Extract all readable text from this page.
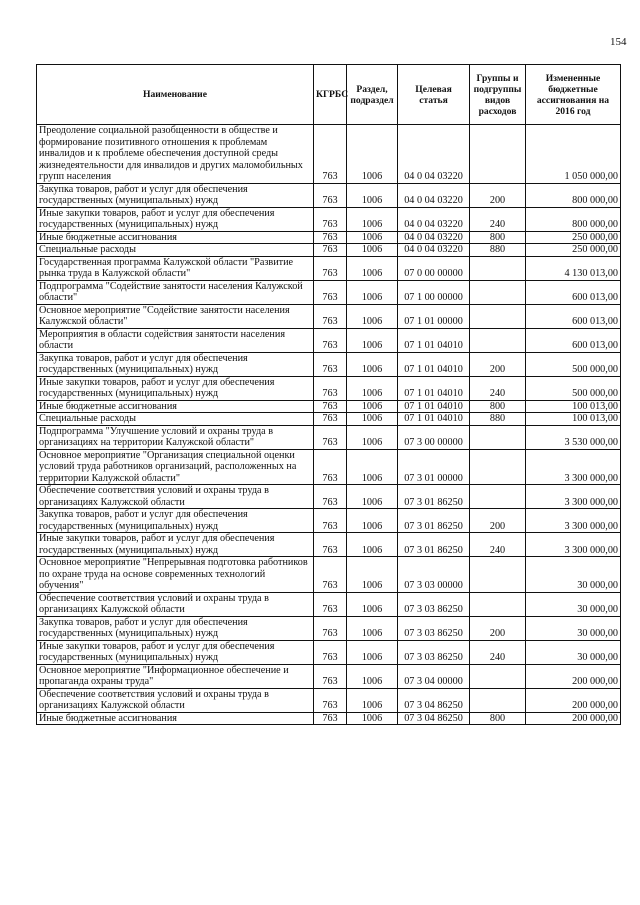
154
Наименование	КГРБС	Раздел, подраздел	Целевая статья	Группы и подгруппы видов расходов	Измененные бюджетные ассигнования на 2016 год
Преодоление социальной разобщенности в обществе и формирование позитивного отношения к проблемам инвалидов и к проблеме обеспечения доступной среды жизнедеятельности для инвалидов и других маломобильных групп населения	763	1006	04 0 04 03220		1 050 000,00
Закупка товаров, работ и услуг для обеспечения государственных (муниципальных) нужд	763	1006	04 0 04 03220	200	800 000,00
Иные закупки товаров, работ и услуг для обеспечения государственных (муниципальных) нужд	763	1006	04 0 04 03220	240	800 000,00
Иные бюджетные ассигнования	763	1006	04 0 04 03220	800	250 000,00
Специальные расходы	763	1006	04 0 04 03220	880	250 000,00
Государственная программа Калужской области "Развитие рынка труда в Калужской области"	763	1006	07 0 00 00000		4 130 013,00
Подпрограмма "Содействие занятости населения Калужской области"	763	1006	07 1 00 00000		600 013,00
Основное мероприятие "Содействие занятости населения Калужской области"	763	1006	07 1 01 00000		600 013,00
Мероприятия в области содействия занятости населения области	763	1006	07 1 01 04010		600 013,00
Закупка товаров, работ и услуг для обеспечения государственных (муниципальных) нужд	763	1006	07 1 01 04010	200	500 000,00
Иные закупки товаров, работ и услуг для обеспечения государственных (муниципальных) нужд	763	1006	07 1 01 04010	240	500 000,00
Иные бюджетные ассигнования	763	1006	07 1 01 04010	800	100 013,00
Специальные расходы	763	1006	07 1 01 04010	880	100 013,00
Подпрограмма "Улучшение условий и охраны труда в организациях на территории Калужской области"	763	1006	07 3 00 00000		3 530 000,00
Основное мероприятие "Организация специальной оценки условий труда работников организаций, расположенных на территории Калужской области"	763	1006	07 3 01 00000		3 300 000,00
Обеспечение соответствия условий и охраны труда в организациях Калужской области	763	1006	07 3 01 86250		3 300 000,00
Закупка товаров, работ и услуг для обеспечения государственных (муниципальных) нужд	763	1006	07 3 01 86250	200	3 300 000,00
Иные закупки товаров, работ и услуг для обеспечения государственных (муниципальных) нужд	763	1006	07 3 01 86250	240	3 300 000,00
Основное мероприятие "Непрерывная подготовка работников по охране труда на основе современных технологий обучения"	763	1006	07 3 03 00000		30 000,00
Обеспечение соответствия условий и охраны труда в организациях Калужской области	763	1006	07 3 03 86250		30 000,00
Закупка товаров, работ и услуг для обеспечения государственных (муниципальных) нужд	763	1006	07 3 03 86250	200	30 000,00
Иные закупки товаров, работ и услуг для обеспечения государственных (муниципальных) нужд	763	1006	07 3 03 86250	240	30 000,00
Основное мероприятие "Информационное обеспечение и пропаганда охраны труда"	763	1006	07 3 04 00000		200 000,00
Обеспечение соответствия условий и охраны труда в организациях Калужской области	763	1006	07 3 04 86250		200 000,00
Иные бюджетные ассигнования	763	1006	07 3 04 86250	800	200 000,00
